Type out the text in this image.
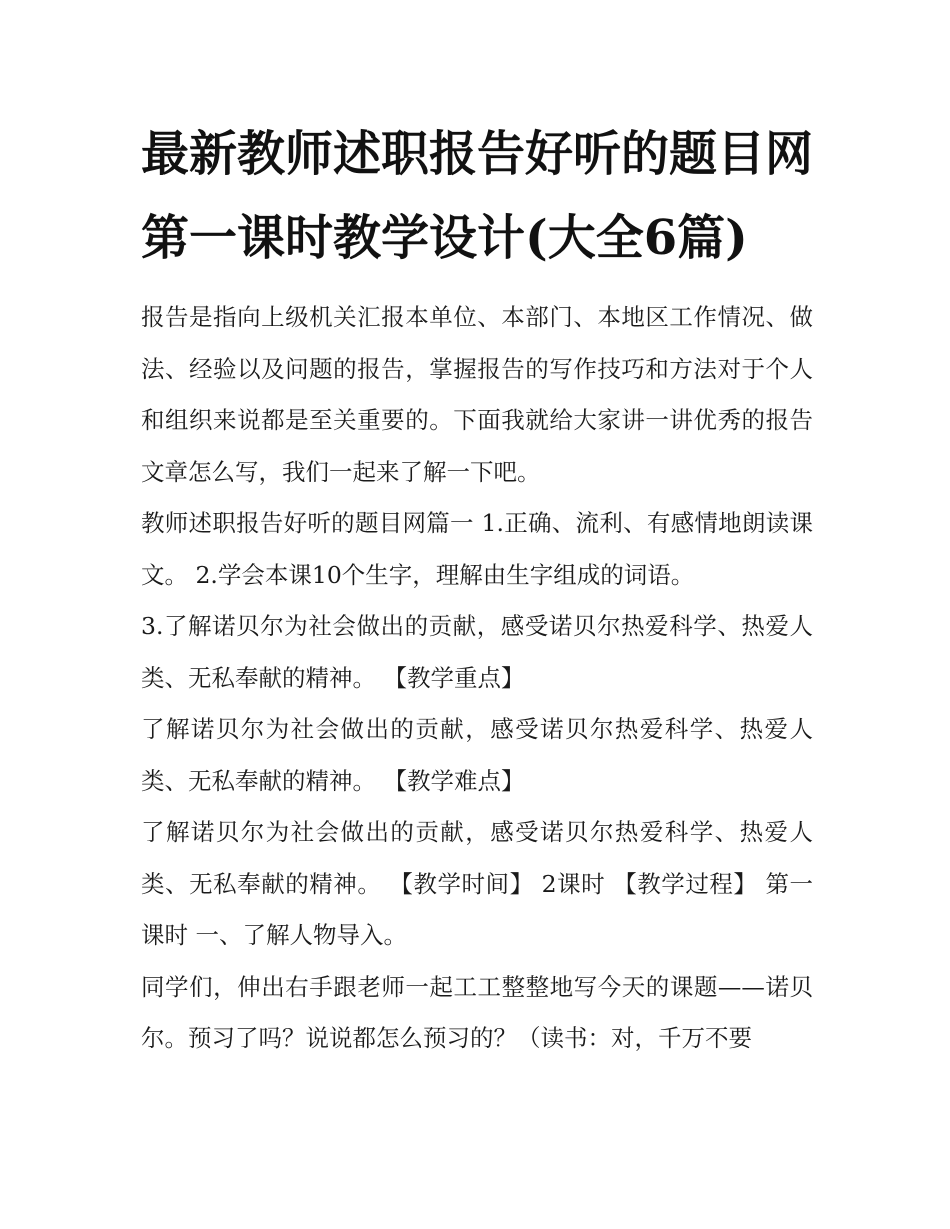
最新教师述职报告好听的题目网 第一课时教学设计(大全6篇)

报告是指向上级机关汇报本单位、本部门、本地区工作情况、做法、经验以及问题的报告，掌握报告的写作技巧和方法对于个人和组织来说都是至关重要的。下面我就给大家讲一讲优秀的报告文章怎么写，我们一起来了解一下吧。

教师述职报告好听的题目网篇一 1.正确、流利、有感情地朗读课文。 2.学会本课10个生字，理解由生字组成的词语。

3.了解诺贝尔为社会做出的贡献，感受诺贝尔热爱科学、热爱人类、无私奉献的精神。 【教学重点】

了解诺贝尔为社会做出的贡献，感受诺贝尔热爱科学、热爱人类、无私奉献的精神。 【教学难点】

了解诺贝尔为社会做出的贡献，感受诺贝尔热爱科学、热爱人类、无私奉献的精神。 【教学时间】 2课时 【教学过程】 第一课时 一、了解人物导入。

同学们，伸出右手跟老师一起工工整整地写今天的课题——诺贝尔。预习了吗？说说都怎么预习的？（读书：对，千万不要
